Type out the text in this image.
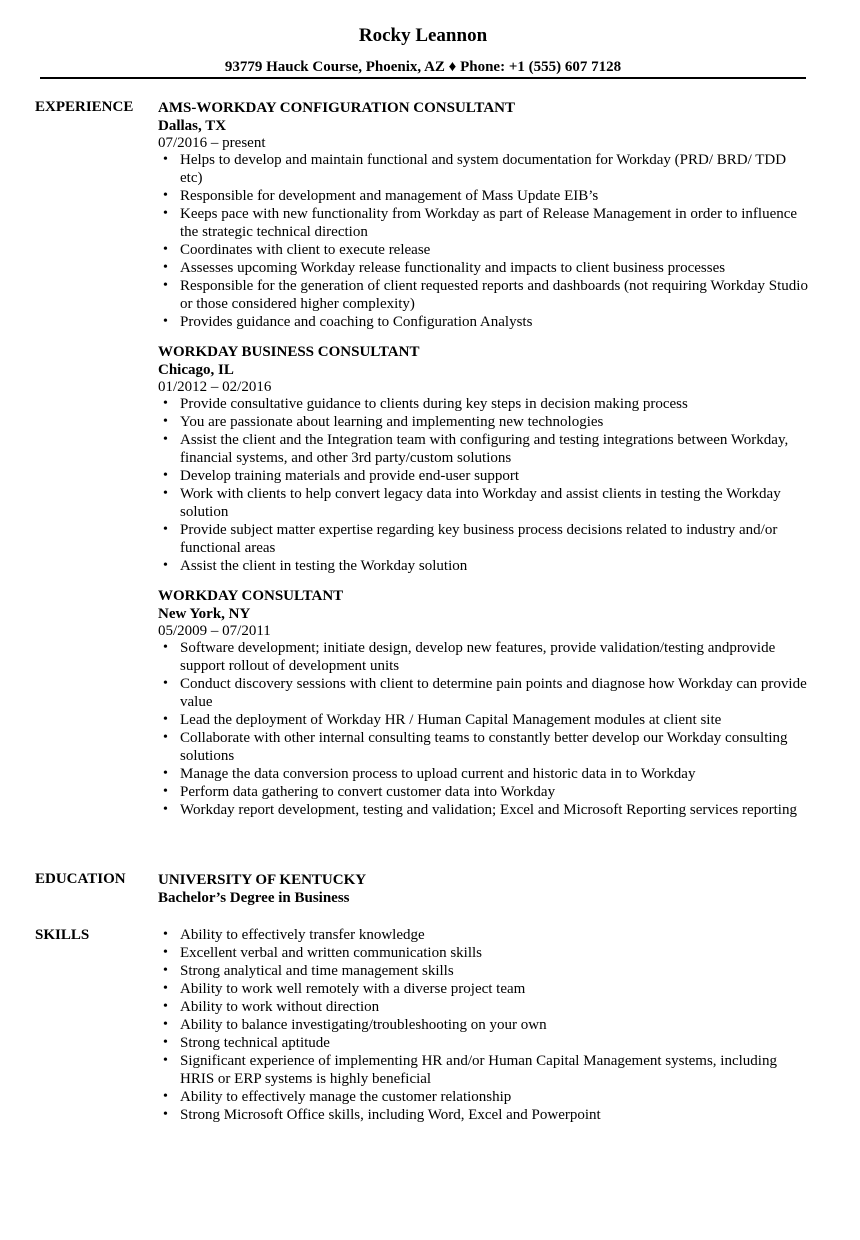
Rocky Leannon
93779 Hauck Course, Phoenix, AZ ♦ Phone: +1 (555) 607 7128
EXPERIENCE	AMS-WORKDAY CONFIGURATION CONSULTANT
Dallas, TX
07/2016 – present
• Helps to develop and maintain functional and system documentation for Workday (PRD/ BRD/ TDD etc)
• Responsible for development and management of Mass Update EIB’s
• Keeps pace with new functionality from Workday as part of Release Management in order to influence the strategic technical direction
• Coordinates with client to execute release
• Assesses upcoming Workday release functionality and impacts to client business processes
• Responsible for the generation of client requested reports and dashboards (not requiring Workday Studio or those considered higher complexity)
• Provides guidance and coaching to Configuration Analysts
WORKDAY BUSINESS CONSULTANT
Chicago, IL
01/2012 – 02/2016
• Provide consultative guidance to clients during key steps in decision making process
• You are passionate about learning and implementing new technologies
• Assist the client and the Integration team with configuring and testing integrations between Workday, financial systems, and other 3rd party/custom solutions
• Develop training materials and provide end-user support
• Work with clients to help convert legacy data into Workday and assist clients in testing the Workday solution
• Provide subject matter expertise regarding key business process decisions related to industry and/or functional areas
• Assist the client in testing the Workday solution
WORKDAY CONSULTANT
New York, NY
05/2009 – 07/2011
• Software development; initiate design, develop new features, provide validation/testing andprovide support rollout of development units
• Conduct discovery sessions with client to determine pain points and diagnose how Workday can provide value
• Lead the deployment of Workday HR / Human Capital Management modules at client site
• Collaborate with other internal consulting teams to constantly better develop our Workday consulting solutions
• Manage the data conversion process to upload current and historic data in to Workday
• Perform data gathering to convert customer data into Workday
• Workday report development, testing and validation; Excel and Microsoft Reporting services reporting
EDUCATION	UNIVERSITY OF KENTUCKY
Bachelor’s Degree in Business
SKILLS	• Ability to effectively transfer knowledge
• Excellent verbal and written communication skills
• Strong analytical and time management skills
• Ability to work well remotely with a diverse project team
• Ability to work without direction
• Ability to balance investigating/troubleshooting on your own
• Strong technical aptitude
• Significant experience of implementing HR and/or Human Capital Management systems, including HRIS or ERP systems is highly beneficial
• Ability to effectively manage the customer relationship
• Strong Microsoft Office skills, including Word, Excel and Powerpoint
